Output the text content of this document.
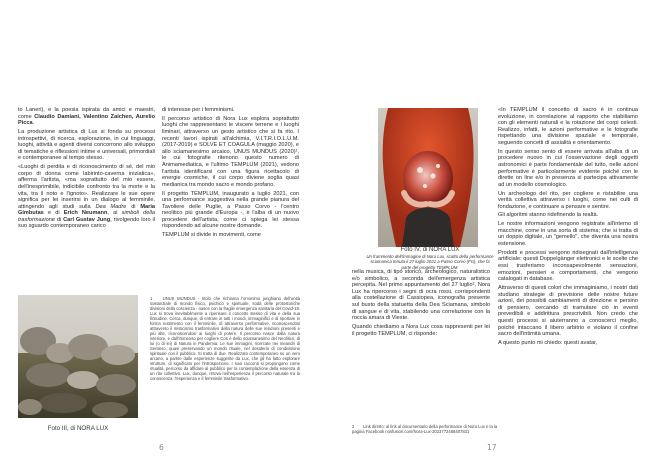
to Laneri), e la poesia ispirata da amici e maestri, come Claudio Damiani, Valentino Zaichen, Aurelio Picca.

La produzione artistica di Lux si fonda su processi introspettivi, di ricerca, esplorazione, in cui linguaggi, luoghi, attività e agenti diversi concorrono allo sviluppo di tematiche e riflessioni intime e universali, primordiali e contemporanee al tempo stesso.

«Luoghi di perdita e di riconoscimento di sé, del mio corpo di donna come labirinto-caverna iniziatica», afferma l'artista, «ma soprattutto del mio essere, dell'inesprimibile, indicibile confronto tra la morte e la vita, tra il noto e l'ignoto». Realizzare le sue opere significa per lei inserirsi in un dialogo al femminile, attingendo agli studi sulla Dea Madre di Maria Gimbutas e di Erich Neumann, ai simboli della trasformazione di Carl Gustav Jung, rivolgendo loro il suo sguardo contemporaneo carico

di interesse per i femminismi.

Il percorso artistico di Nora Lux esplora soprattutto luoghi che rappresentano le viscere terrene e i luoghi liminari, attraverso un gesto artistico che si fa rito. I recenti lavori ispirati all'alchimia, V.I.T.R.I.O.L.U.M. (2017-2019) e SOLVE ET COAGULA (maggio 2020), e allo sciamanesimo arcaico, UNUS MUNDUS (2020)¹, le cui fotografie ritenono questo numero di Animamediatica, e l'ultimo TEMPLUM (2021), vedono l'artista identificarsi con una figura ricettacolo di energie cosmiche, il cui corpo diviene soglia quasi medianica tra mondo sacro e mondo profano.

Il progetto TEMPLUM, inaugurato a luglio 2021, con una performance suggestiva nella grande pianura del Tavoliere delle Puglie, a Passo Corvo - l'centro neolitico più grande d'Europa -, è l'alba di un nuovo procedere dell'artista, come ci spiega lei stessa rispondendo ad alcune nostre domande.

TEMPLUM si divide in movimenti, come

Foto III, di NORA LUX
1 UNUS MUNDUS - titolo che richiama l'omonimo junghiano dell'unità sostanziale di mondo fisico, psichico e spirituale, sodà delle protostoriche divisioni della coscienza - nasce con la fragile emergenza sanitaria del Covid-19. Lux si trova inevitabilmente a ripensare il concetto stesso di vita e della sua finitudine. Cerca, dunque, di entrare in tutti i mondi, immaginifici e di riportare in forma nutrimento con il femminile, di attraverso performative, riconoscendosi attraverso il misticismo trasformativo della natura delle sue relazioni presenti e più alte, riconoscendosi ai luoghi di potere. Il percorso nasce dalla natura interiore, e dall'immenso per cogliere Cos è dello sciamanesimo del Neolitico, di lui (o di lei) di Natura in Pandemia. Le sue immagini, ricercate nei meandri di Sentiero, quasi preservando un mondo rituale, nel desiderio di condivisione spirituale con il pubblico. Si tratta di due. Realizzato contemporaneo su un vero arcano, a partire dalle esperienze suggerite da Lux, che gli ha fatto esplorare strutture, di significato per l'introspezione. I suoi racconti si propongono come ritualità, percorso da affidare al pubblico per la contemplazione della essenza di un rito collettivo. Lux, dunque, ritrova nell'esperienza il percorso naturale tra la conoscenza, l'esperienza e il femminile trasformativo.
6
Foto IV, di NORA LUX
Un frammento dell'immagine di Nora Lux, scatto della performance sciamanica tenuta il 27 luglio 2021 a Passo Corvo (FG), che fa parte del progetto TEMPLUM.

nella musica, di tipo storico, archeologico, naturalistico e/o simbolico, a seconda dell'emergenza artistica percepita. Nel primo appuntamento del 27 luglio², Nora Lux ha ripercorso i segni di ocra rossi, corrispondenti alla costellazione di Cassiopea, iconografia presente sul busto della statuetta della Dea Sciamana, simbolo di sangue e di vita, stabilendo una correlazione con la roccia amara di Vieste.

Quando chiediamo a Nora Lux cosa rappresenti per lei il progetto TEMPLUM, ci risponde:

«In TEMPLUM il concetto di sacro è in continua evoluzione, in correlazione al rapporto che stabiliamo con gli elementi naturali e la rotazione dei corpi celesti. Realizzo, infatti, le azioni performative e le fotografie rispettando una divisione spaziale e temporale, seguendo concetti di assialità e orientamento.

In questo senso sento di essere arrivata all'alba di un procedere nuovo in cui l'osservazione degli oggetti astronomici è parte fondamentale del tutto, nelle azioni performative è particolarmente evidente poiché con le dirette on line e/o in presenza si partecipa attivamente ad un modello cosmologico.

Un archeologo del rito, per cogliere e ristabilire una verità collettiva attraverso i luoghi, come nei culti di fondazione, e continuare a pensare e sentire.

Gli algoritmi stanno ridefinendo la realtà.

Le nostre informazioni vengono registrate all'interno di macchine, come in una sorta di sistema; che si tratta di un doppio digitale, un "gemello", che diventa una nostra estensione.

Prodotti e processi vengono ridisegnati dall'intelligenza artificiale: questi Doppelgänger elettronici e le scelte che essi trasferiamo inconsapevolmente sensazioni, emozioni, pensieri e comportamenti, che vengono catalogati in database.

Attraverso di questi colori che immaginiamo, i nostri dati studiano strategie di previsione delle nostre future azioni, dei possibili cambiamenti di direzione e persino di pensiero, cercando di tramutare ciò in eventi prevedibili e addirittura prescrivibili. Non credo che questi processi si aiuterranno a conoscerci meglio, poiché intaccano il libero arbitrio e violano il confine sacro dell'intimità umana.

A questo punto mi chiedo: questi avatar,

2 Link diretto: al link al documentario della performance di Nora Lux e la la pagina Facebook nosfusion.com/Nora-Lux-2023772468407831
17
